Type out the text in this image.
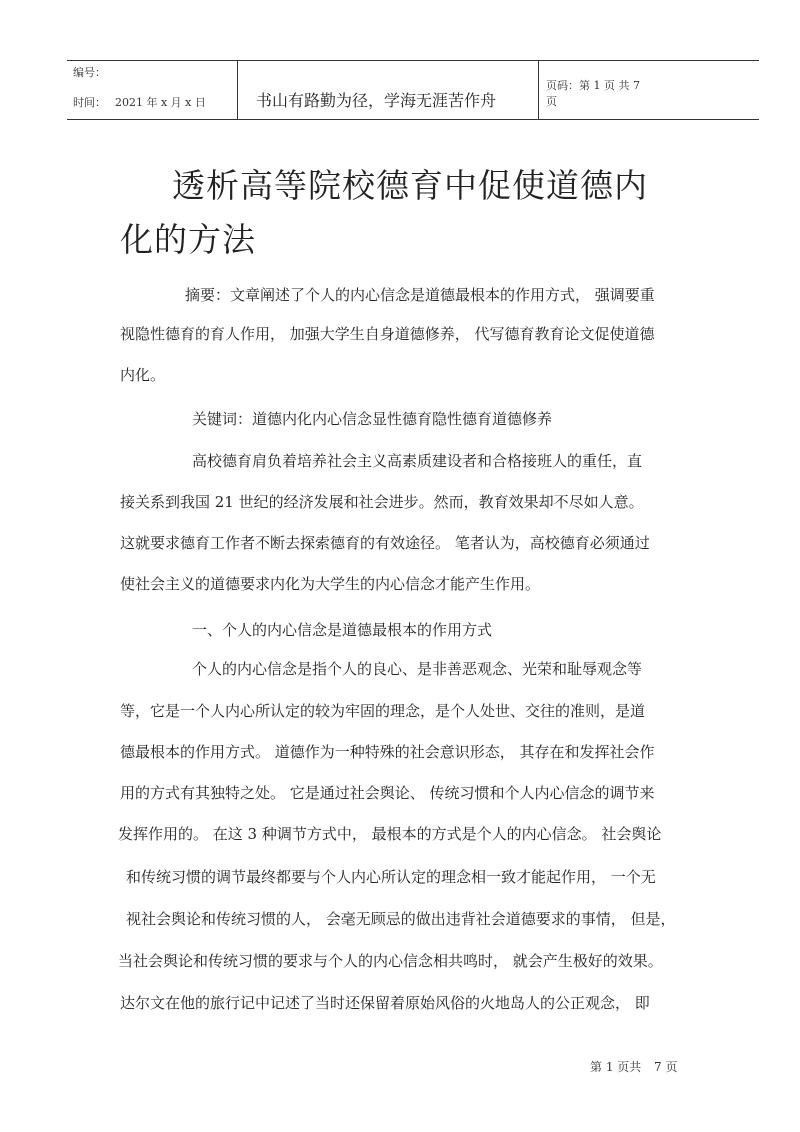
编号：
时间： 2021 年 x 月 x 日	书山有路勤为径，学海无涯苦作舟
页码：第 1 页 共 7
页
透析高等院校德育中促使道德内
化的方法
摘要：文章阐述了个人的内心信念是道德最根本的作用方式， 强调要重
视隐性德育的育人作用， 加强大学生自身道德修养， 代写德育教育论文促使道德
内化。
关键词：道德内化内心信念显性德育隐性德育道德修养
高校德育肩负着培养社会主义高素质建设者和合格接班人的重任，直
接关系到我国 21 世纪的经济发展和社会进步。然而，教育效果却不尽如人意。
这就要求德育工作者不断去探索德育的有效途径。 笔者认为，高校德育必须通过
使社会主义的道德要求内化为大学生的内心信念才能产生作用。
一、个人的内心信念是道德最根本的作用方式
个人的内心信念是指个人的良心、是非善恶观念、光荣和耻辱观念等
等，它是一个人内心所认定的较为牢固的理念，是个人处世、交往的准则，是道
德最根本的作用方式。 道德作为一种特殊的社会意识形态， 其存在和发挥社会作
用的方式有其独特之处。 它是通过社会舆论、 传统习惯和个人内心信念的调节来
发挥作用的。 在这 3 种调节方式中， 最根本的方式是个人的内心信念。 社会舆论
和传统习惯的调节最终都要与个人内心所认定的理念相一致才能起作用， 一个无
视社会舆论和传统习惯的人， 会毫无顾忌的做出违背社会道德要求的事情， 但是，
当社会舆论和传统习惯的要求与个人的内心信念相共鸣时， 就会产生极好的效果。
达尔文在他的旅行记中记述了当时还保留着原始风俗的火地岛人的公正观念， 即
第 1 页共 7 页
